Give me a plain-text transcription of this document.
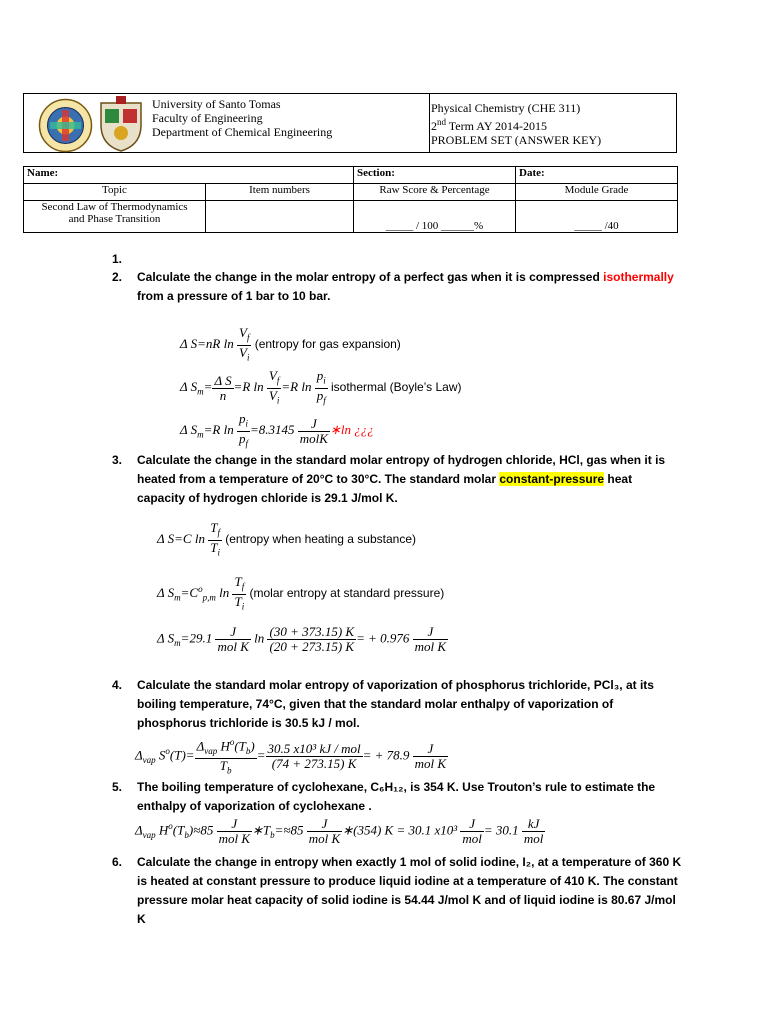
University of Santo Tomas
Faculty of Engineering
Department of Chemical Engineering
Physical Chemistry (CHE 311)
2nd Term AY 2014-2015
PROBLEM SET (ANSWER KEY)
Name:		Section:	Date:
Topic	Item numbers	Raw Score & Percentage	Module Grade

Second Law of Thermodynamics
and Phase Transition		_____ / 100 ______%	_____ /40
1.
2. Calculate the change in the molar entropy of a perfect gas when it is compressed isothermally
from a pressure of 1 bar to 10 bar.
Δ S=nR $\ln \frac{V_f}{V_i}$ (entropy for gas expansion)
Δ $S_m= \frac{\text{Δ S}}{n} =R$ $\ln \frac{V_f}{V_i} =R$ $\ln \frac{p_i}{p_f}$ isothermal (Boyle’s Law)
Δ $S_m=R$ $\ln \frac{p_i}{p_f} =8.3145 \frac{J}{\text{molK}}$ ∗ln ¿¿¿
3. Calculate the change in the standard molar entropy of hydrogen chloride, HCl, gas when it is heated from a temperature of 20°C to 30°C. The standard molar constant-pressure heat capacity of hydrogen chloride is 29.1 J/mol K.
Δ S=C $\ln \frac{T_f}{T_i}$ (entropy when heating a substance)
Δ $S_m=C^o_{p,m}$ $\ln \frac{T_f}{T_i}$ (molar entropy at standard pressure)
Δ $S_m=29.1 \frac{J}{\text{mol K}}$ $\ln \frac{(30 + 373.15) K}{(20 + 273.15) K}$ = + $0.976 \frac{J}{\text{mol K}}$
4. Calculate the standard molar entropy of vaporization of phosphorus trichloride, PCl₃, at its boiling temperature, 74°C, given that the standard molar enthalpy of vaporization of phosphorus trichloride is 30.5 kJ / mol.
$\Delta_{vap}$ $S^o(T)= \frac{\Delta_{vap} H^o(T_b)}{T_b} = \frac{\text{30.5 x10³ kJ / mol}}{(74 + 273.15) K}$ = + $78.9 \frac{J}{\text{mol K}}$
5. The boiling temperature of cyclohexane, C₆H₁₂, is 354 K. Use Trouton’s rule to estimate the enthalpy of vaporization of cyclohexane .
$\Delta_{vap}$ $H^o(T_b)\approx 85 \frac{J}{\text{mol K}}$ $∗T_b=\approx 85 \frac{J}{\text{mol K}}$ ∗(354) K = 30.1 $x10^3 \frac{J}{\text{mol}} = 30.1 \frac{kJ}{\text{mol}}$
6. Calculate the change in entropy when exactly 1 mol of solid iodine, I₂, at a temperature of 360 K is heated at constant pressure to produce liquid iodine at a temperature of 410 K. The constant pressure molar heat capacity of solid iodine is 54.44 J/mol K and of liquid iodine is 80.67 J/mol K
